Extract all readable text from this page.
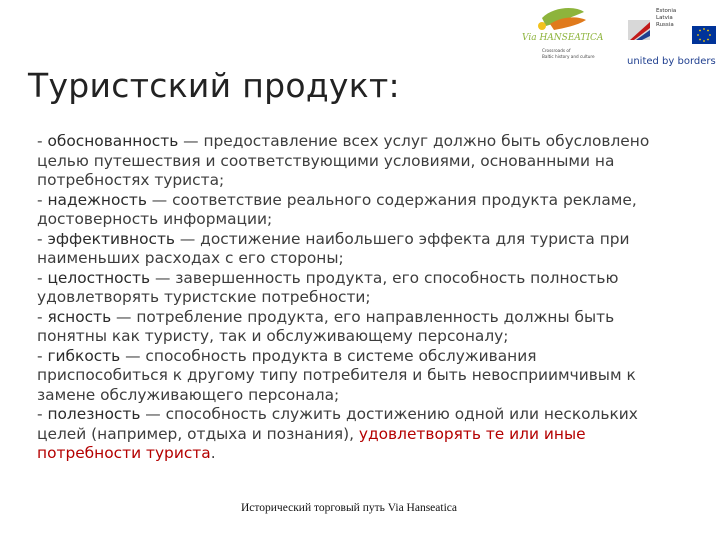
Via HANSEATICA
Crossroads of
Baltic history and culture
Estonia
Latvia
Russia
united by borders
Туристский продукт:
- обоснованность — предоставление всех услуг должно быть обусловлено
целью путешествия и соответствующими условиями, основанными на
потребностях туриста;
- надежность — соответствие реального содержания продукта рекламе,
достоверность информации;
- эффективность — достижение наибольшего эффекта для туриста при
наименьших расходах с его стороны;
- целостность — завершенность продукта, его способность полностью
удовлетворять туристские потребности;
- ясность — потребление продукта, его направленность должны быть
понятны как туристу, так и обслуживающему персоналу;
- гибкость — способность продукта в системе обслуживания
приспособиться к другому типу потребителя и быть невосприимчивым к
замене обслуживающего персонала;
- полезность — способность служить достижению одной или нескольких
целей (например, отдыха и познания), удовлетворять те или иные
потребности туриста.
Исторический торговый путь Via Hanseatica
